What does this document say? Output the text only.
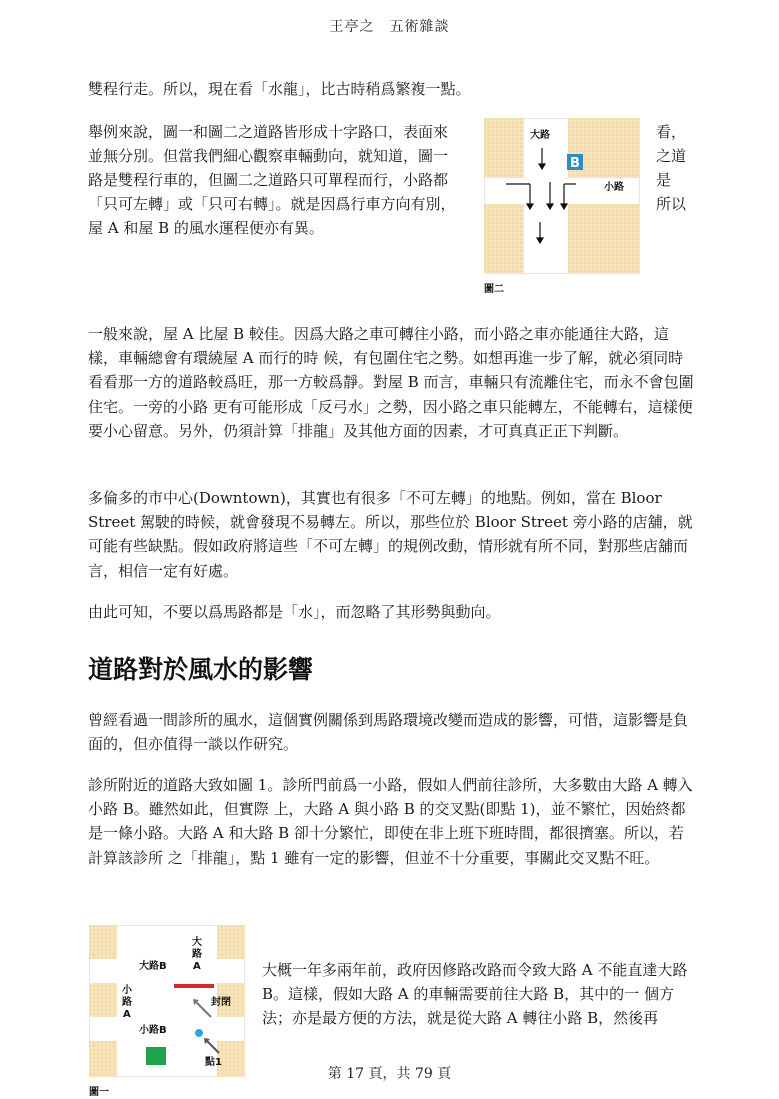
王亭之　五術雜談

雙程行走。所以，現在看「水龍」，比古時稍爲繁複一點。

舉例來說，圖一和圖二之道路皆形成十字路口，表面來
並無分別。但當我們細心觀察車輛動向，就知道，圖一
路是雙程行車的，但圖二之道路只可單程而行，小路都
「只可左轉」或「只可右轉」。就是因爲行車方向有別，
屋 A 和屋 B 的風水運程便亦有異。
看，
之道
是
所以
大路
B
小路
圖二

一般來說，屋 A 比屋 B 較佳。因爲大路之車可轉往小路，而小路之車亦能通往大路，這樣，車輛總會有環繞屋 A 而行的時 候，有包圍住宅之勢。如想再進一步了解，就必須同時看看那一方的道路較爲旺，那一方較爲靜。對屋 B 而言，車輛只有流離住宅，而永不會包圍住宅。一旁的小路 更有可能形成「反弓水」之勢，因小路之車只能轉左，不能轉右，這樣便要小心留意。另外，仍須計算「排龍」及其他方面的因素，才可真真正正下判斷。

多倫多的市中心(Downtown)，其實也有很多「不可左轉」的地點。例如，當在 Bloor Street 駕駛的時候，就會發現不易轉左。所以，那些位於 Bloor Street 旁小路的店舖，就可能有些缺點。假如政府將這些「不可左轉」的規例改動，情形就有所不同，對那些店舖而言，相信一定有好處。

由此可知，不要以爲馬路都是「水」，而忽略了其形勢與動向。

道路對於風水的影響

曾經看過一間診所的風水，這個實例關係到馬路環境改變而造成的影響，可惜，這影響是負面的，但亦值得一談以作研究。

診所附近的道路大致如圖 1。診所門前爲一小路，假如人們前往診所，大多數由大路 A 轉入小路 B。雖然如此，但實際 上，大路 A 與小路 B 的交叉點(即點 1)，並不繁忙，因始終都是一條小路。大路 A 和大路 B 卻十分繁忙，即使在非上班下班時間，都很擠塞。所以，若計算該診所 之「排龍」，點 1 雖有一定的影響，但並不十分重要，事關此交叉點不旺。

大路B
大
路
A
小
路
A
封閉
小路B
點1
圖一

大概一年多兩年前，政府因修路改路而令致大路 A 不能直達大路 B。這樣，假如大路 A 的車輛需要前往大路 B，其中的一 個方法；亦是最方便的方法，就是從大路 A 轉往小路 B，然後再

第 17 頁，共 79 頁
